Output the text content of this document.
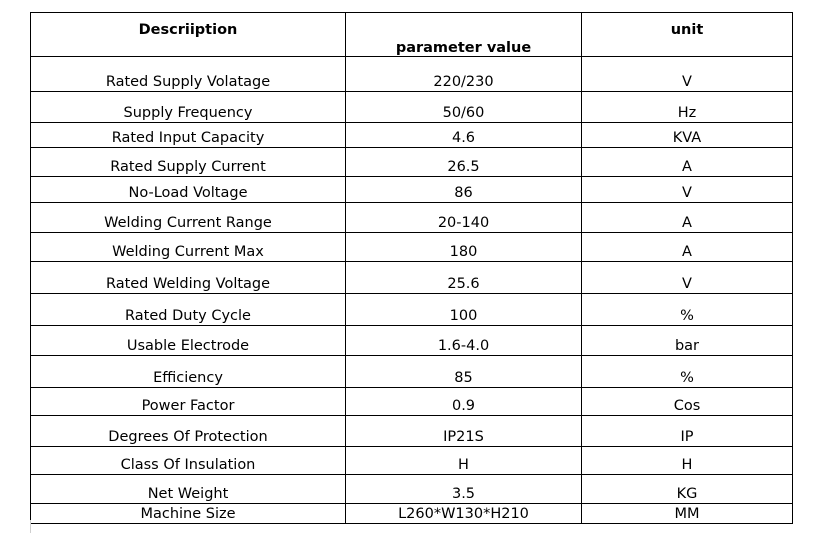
Descriiption	parameter value	unit
Rated Supply Volatage	220/230	V
Supply Frequency	50/60	Hz
Rated Input Capacity	4.6	KVA
Rated Supply Current	26.5	A
No-Load Voltage	86	V
Welding Current Range	20-140	A
Welding Current Max	180	A
Rated Welding Voltage	25.6	V
Rated Duty Cycle	100	%
Usable Electrode	1.6-4.0	bar
Efficiency	85	%
Power Factor	0.9	Cos
Degrees Of Protection	IP21S	IP
Class Of Insulation	H	H
Net Weight	3.5	KG
Machine Size	L260*W130*H210	MM
